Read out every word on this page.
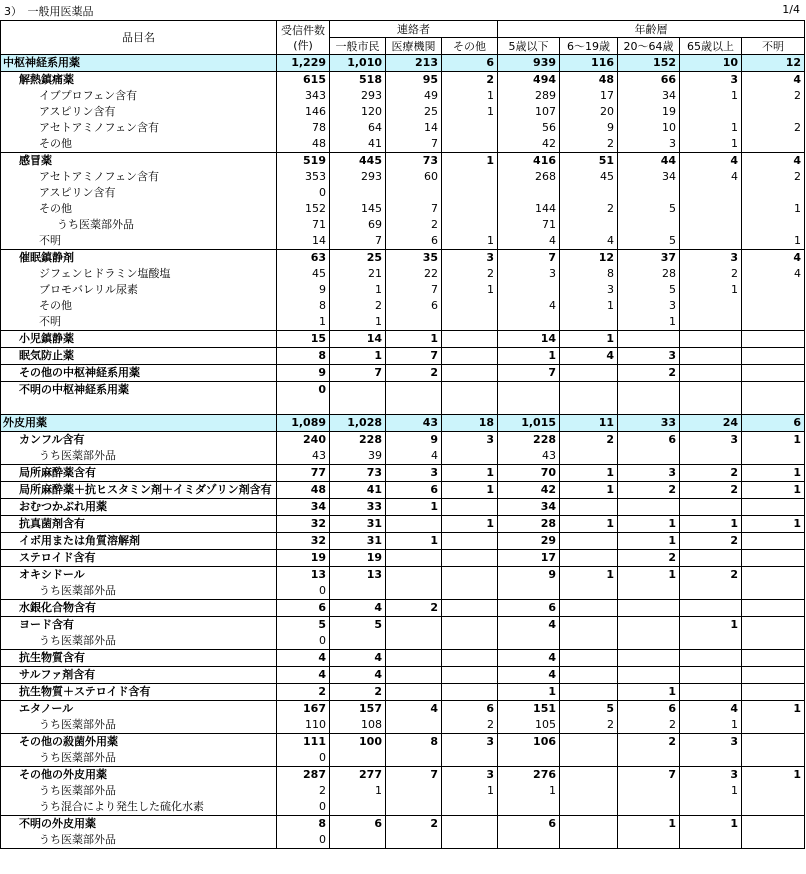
3）　一般用医薬品	1/4
品目名	受信件数
(件)	連絡者			年齢層				
		一般市民	医療機関	その他	5歳以下	6～19歳	20～64歳	65歳以上	不明
中枢神経系用薬	1,229	1,010	213	6	939	116	152	10	12
解熱鎮痛薬	615	518	95	2	494	48	66	3	4
イブプロフェン含有	343	293	49	1	289	17	34	1	2
アスピリン含有	146	120	25	1	107	20	19		
アセトアミノフェン含有	78	64	14		56	9	10	1	2
その他	48	41	7		42	2	3	1	
感冒薬	519	445	73	1	416	51	44	4	4
アセトアミノフェン含有	353	293	60		268	45	34	4	2
アスピリン含有	0								
その他	152	145	7		144	2	5		1
うち医薬部外品	71	69	2		71				
不明	14	7	6	1	4	4	5		1
催眠鎮静剤	63	25	35	3	7	12	37	3	4
ジフェンヒドラミン塩酸塩	45	21	22	2	3	8	28	2	4
ブロモバレリル尿素	9	1	7	1		3	5	1	
その他	8	2	6		4	1	3		
不明	1	1					1		
小児鎮静薬	15	14	1		14	1			
眠気防止薬	8	1	7		1	4	3		
その他の中枢神経系用薬	9	7	2		7		2		
不明の中枢神経系用薬	0								

外皮用薬	1,089	1,028	43	18	1,015	11	33	24	6
カンフル含有	240	228	9	3	228	2	6	3	1
うち医薬部外品	43	39	4		43				
局所麻酔薬含有	77	73	3	1	70	1	3	2	1
局所麻酔薬＋抗ヒスタミン剤＋イミダゾリン剤含有	48	41	6	1	42	1	2	2	1
おむつかぶれ用薬	34	33	1		34				
抗真菌剤含有	32	31		1	28	1	1	1	1
イボ用または角質溶解剤	32	31	1		29		1	2	
ステロイド含有	19	19			17		2		
オキシドール	13	13			9	1	1	2	
うち医薬部外品	0								
水銀化合物含有	6	4	2		6				
ヨード含有	5	5			4			1	
うち医薬部外品	0								
抗生物質含有	4	4			4				
サルファ剤含有	4	4			4				
抗生物質＋ステロイド含有	2	2			1		1		
エタノール	167	157	4	6	151	5	6	4	1
うち医薬部外品	110	108		2	105	2	2	1	
その他の殺菌外用薬	111	100	8	3	106		2	3	
うち医薬部外品	0								
その他の外皮用薬	287	277	7	3	276		7	3	1
うち医薬部外品	2	1		1	1			1	
うち混合により発生した硫化水素	0								
不明の外皮用薬	8	6	2		6		1	1	
うち医薬部外品	0								
